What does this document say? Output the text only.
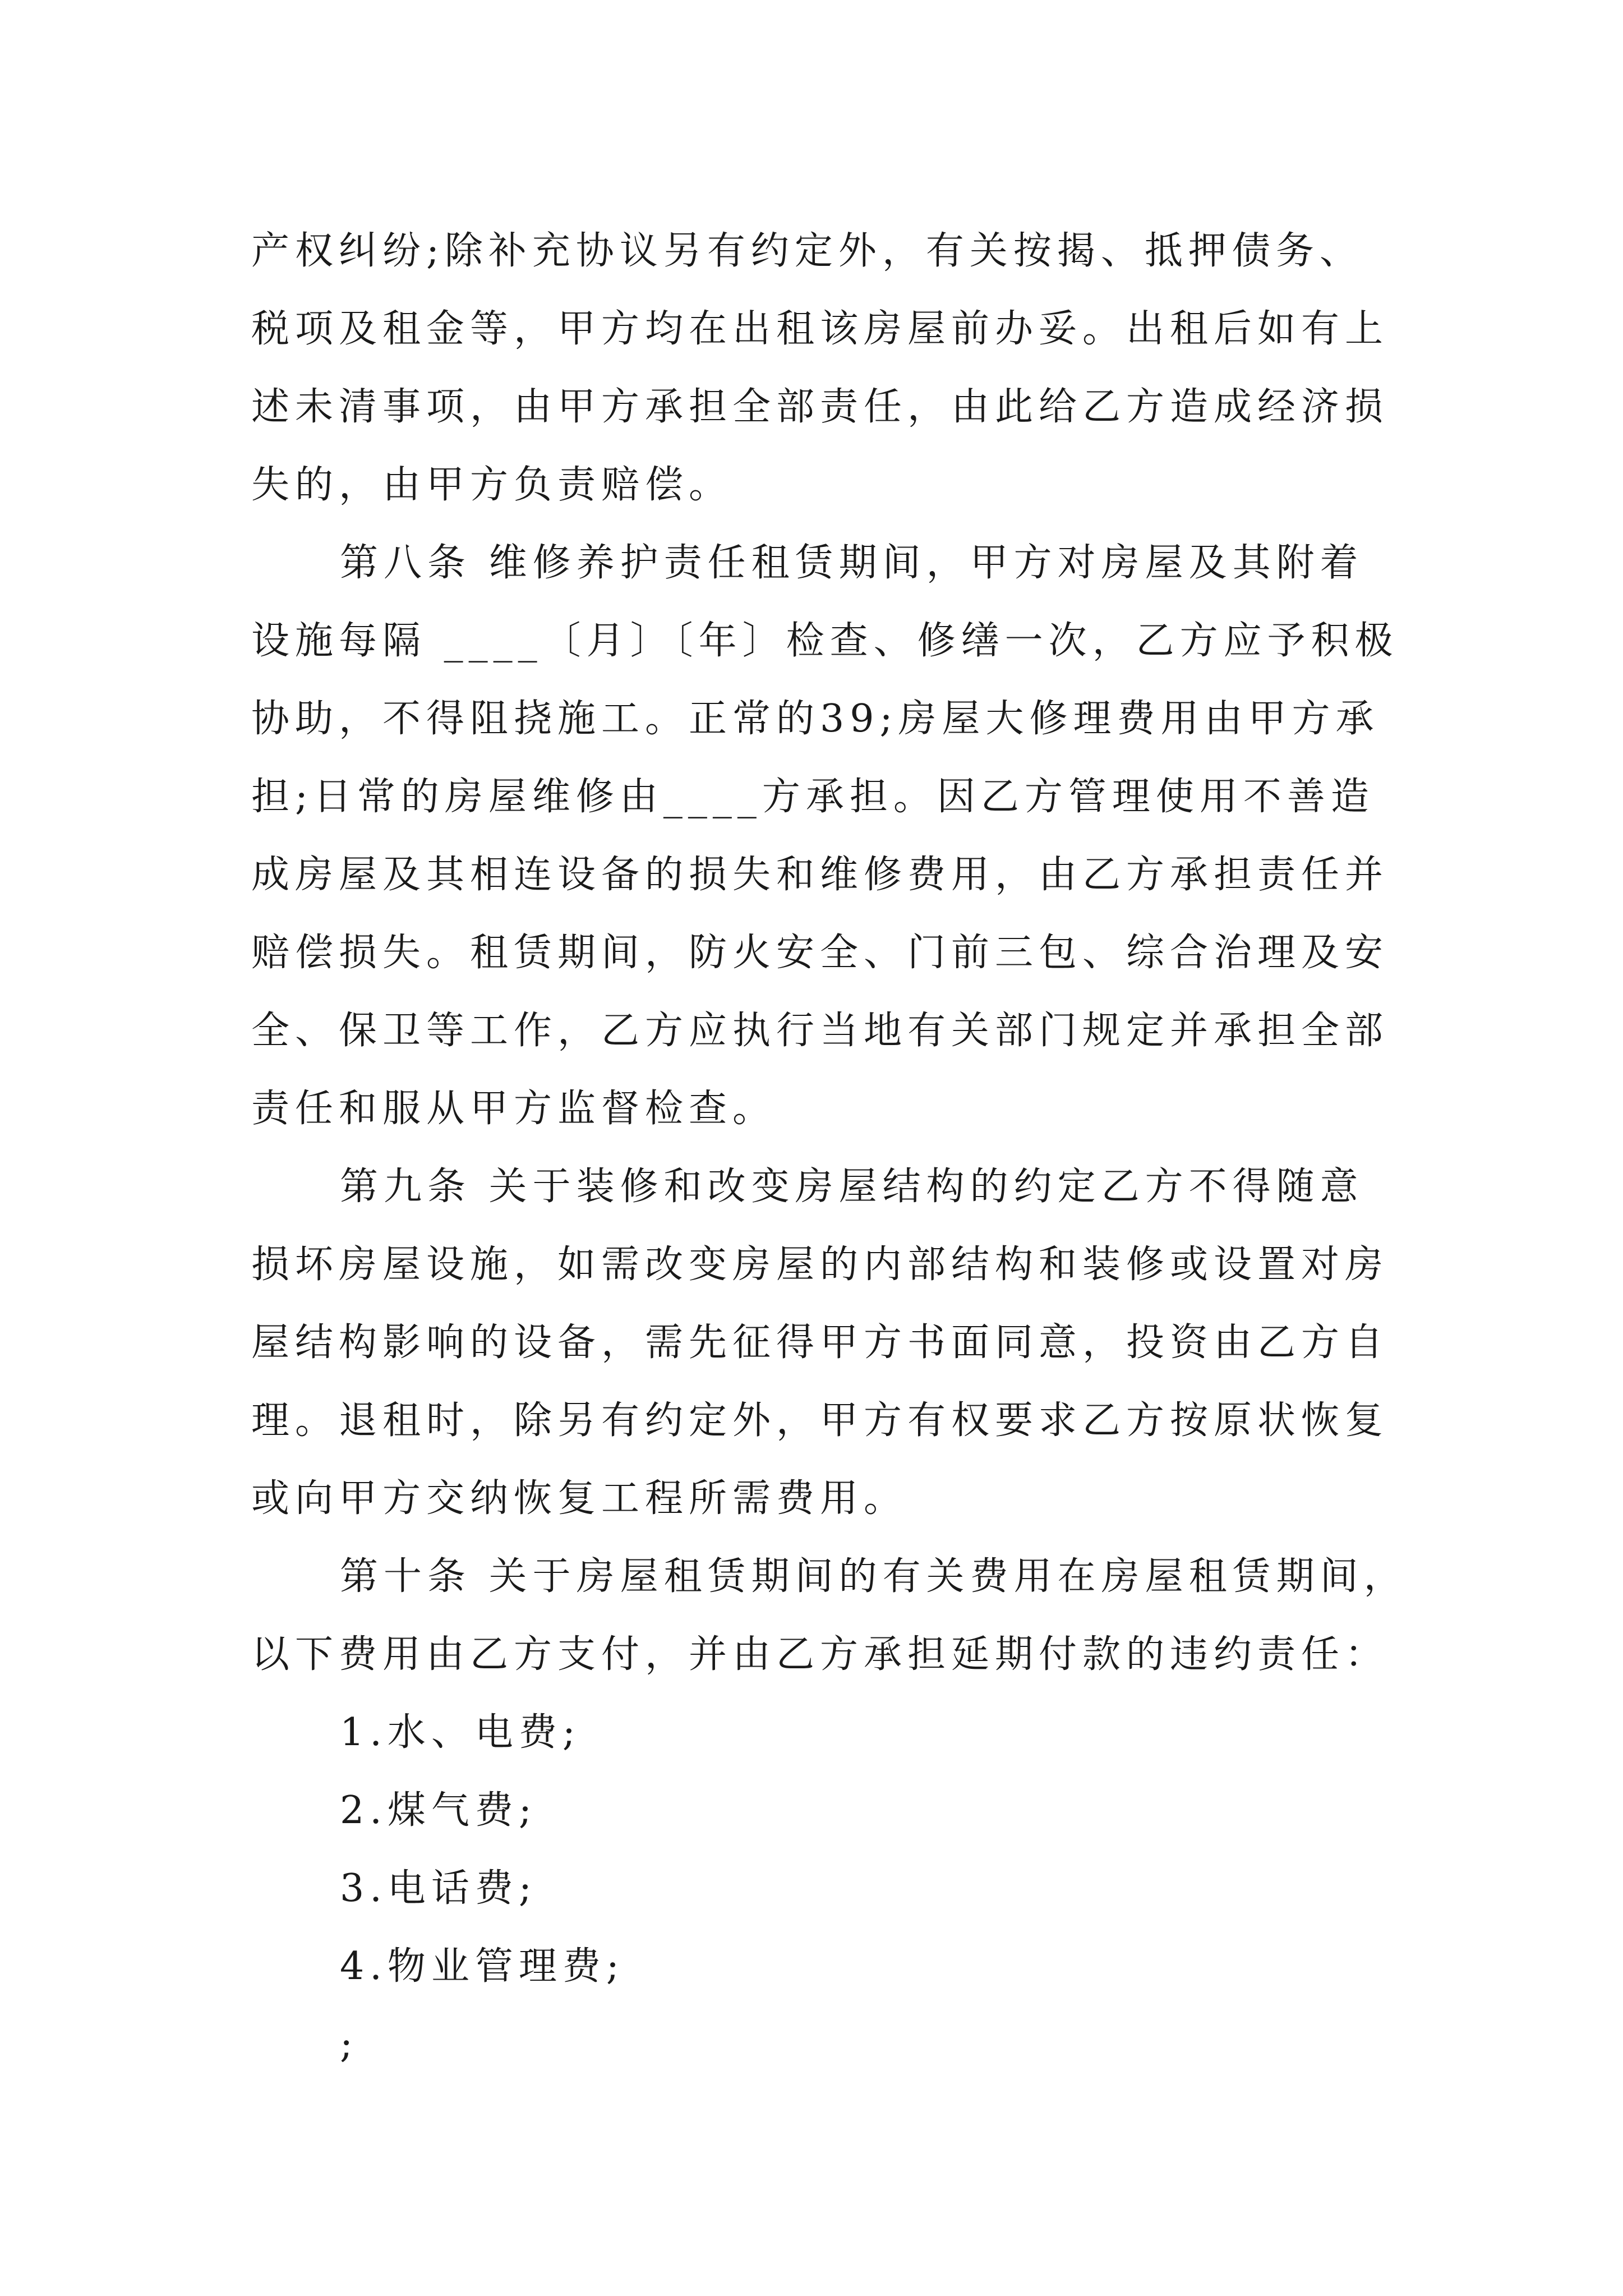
产权纠纷;除补充协议另有约定外，有关按揭、抵押债务、
税项及租金等，甲方均在出租该房屋前办妥。出租后如有上
述未清事项，由甲方承担全部责任，由此给乙方造成经济损
失的，由甲方负责赔偿。
第八条 维修养护责任租赁期间，甲方对房屋及其附着
设施每隔 ____〔月〕〔年〕检查、修缮一次，乙方应予积极
协助，不得阻挠施工。正常的39;房屋大修理费用由甲方承
担;日常的房屋维修由____方承担。因乙方管理使用不善造
成房屋及其相连设备的损失和维修费用，由乙方承担责任并
赔偿损失。租赁期间，防火安全、门前三包、综合治理及安
全、保卫等工作，乙方应执行当地有关部门规定并承担全部
责任和服从甲方监督检查。
第九条 关于装修和改变房屋结构的约定乙方不得随意
损坏房屋设施，如需改变房屋的内部结构和装修或设置对房
屋结构影响的设备，需先征得甲方书面同意，投资由乙方自
理。退租时，除另有约定外，甲方有权要求乙方按原状恢复
或向甲方交纳恢复工程所需费用。
第十条 关于房屋租赁期间的有关费用在房屋租赁期间，
以下费用由乙方支付，并由乙方承担延期付款的违约责任：
1.水、电费;
2.煤气费;
3.电话费;
4.物业管理费;
;
